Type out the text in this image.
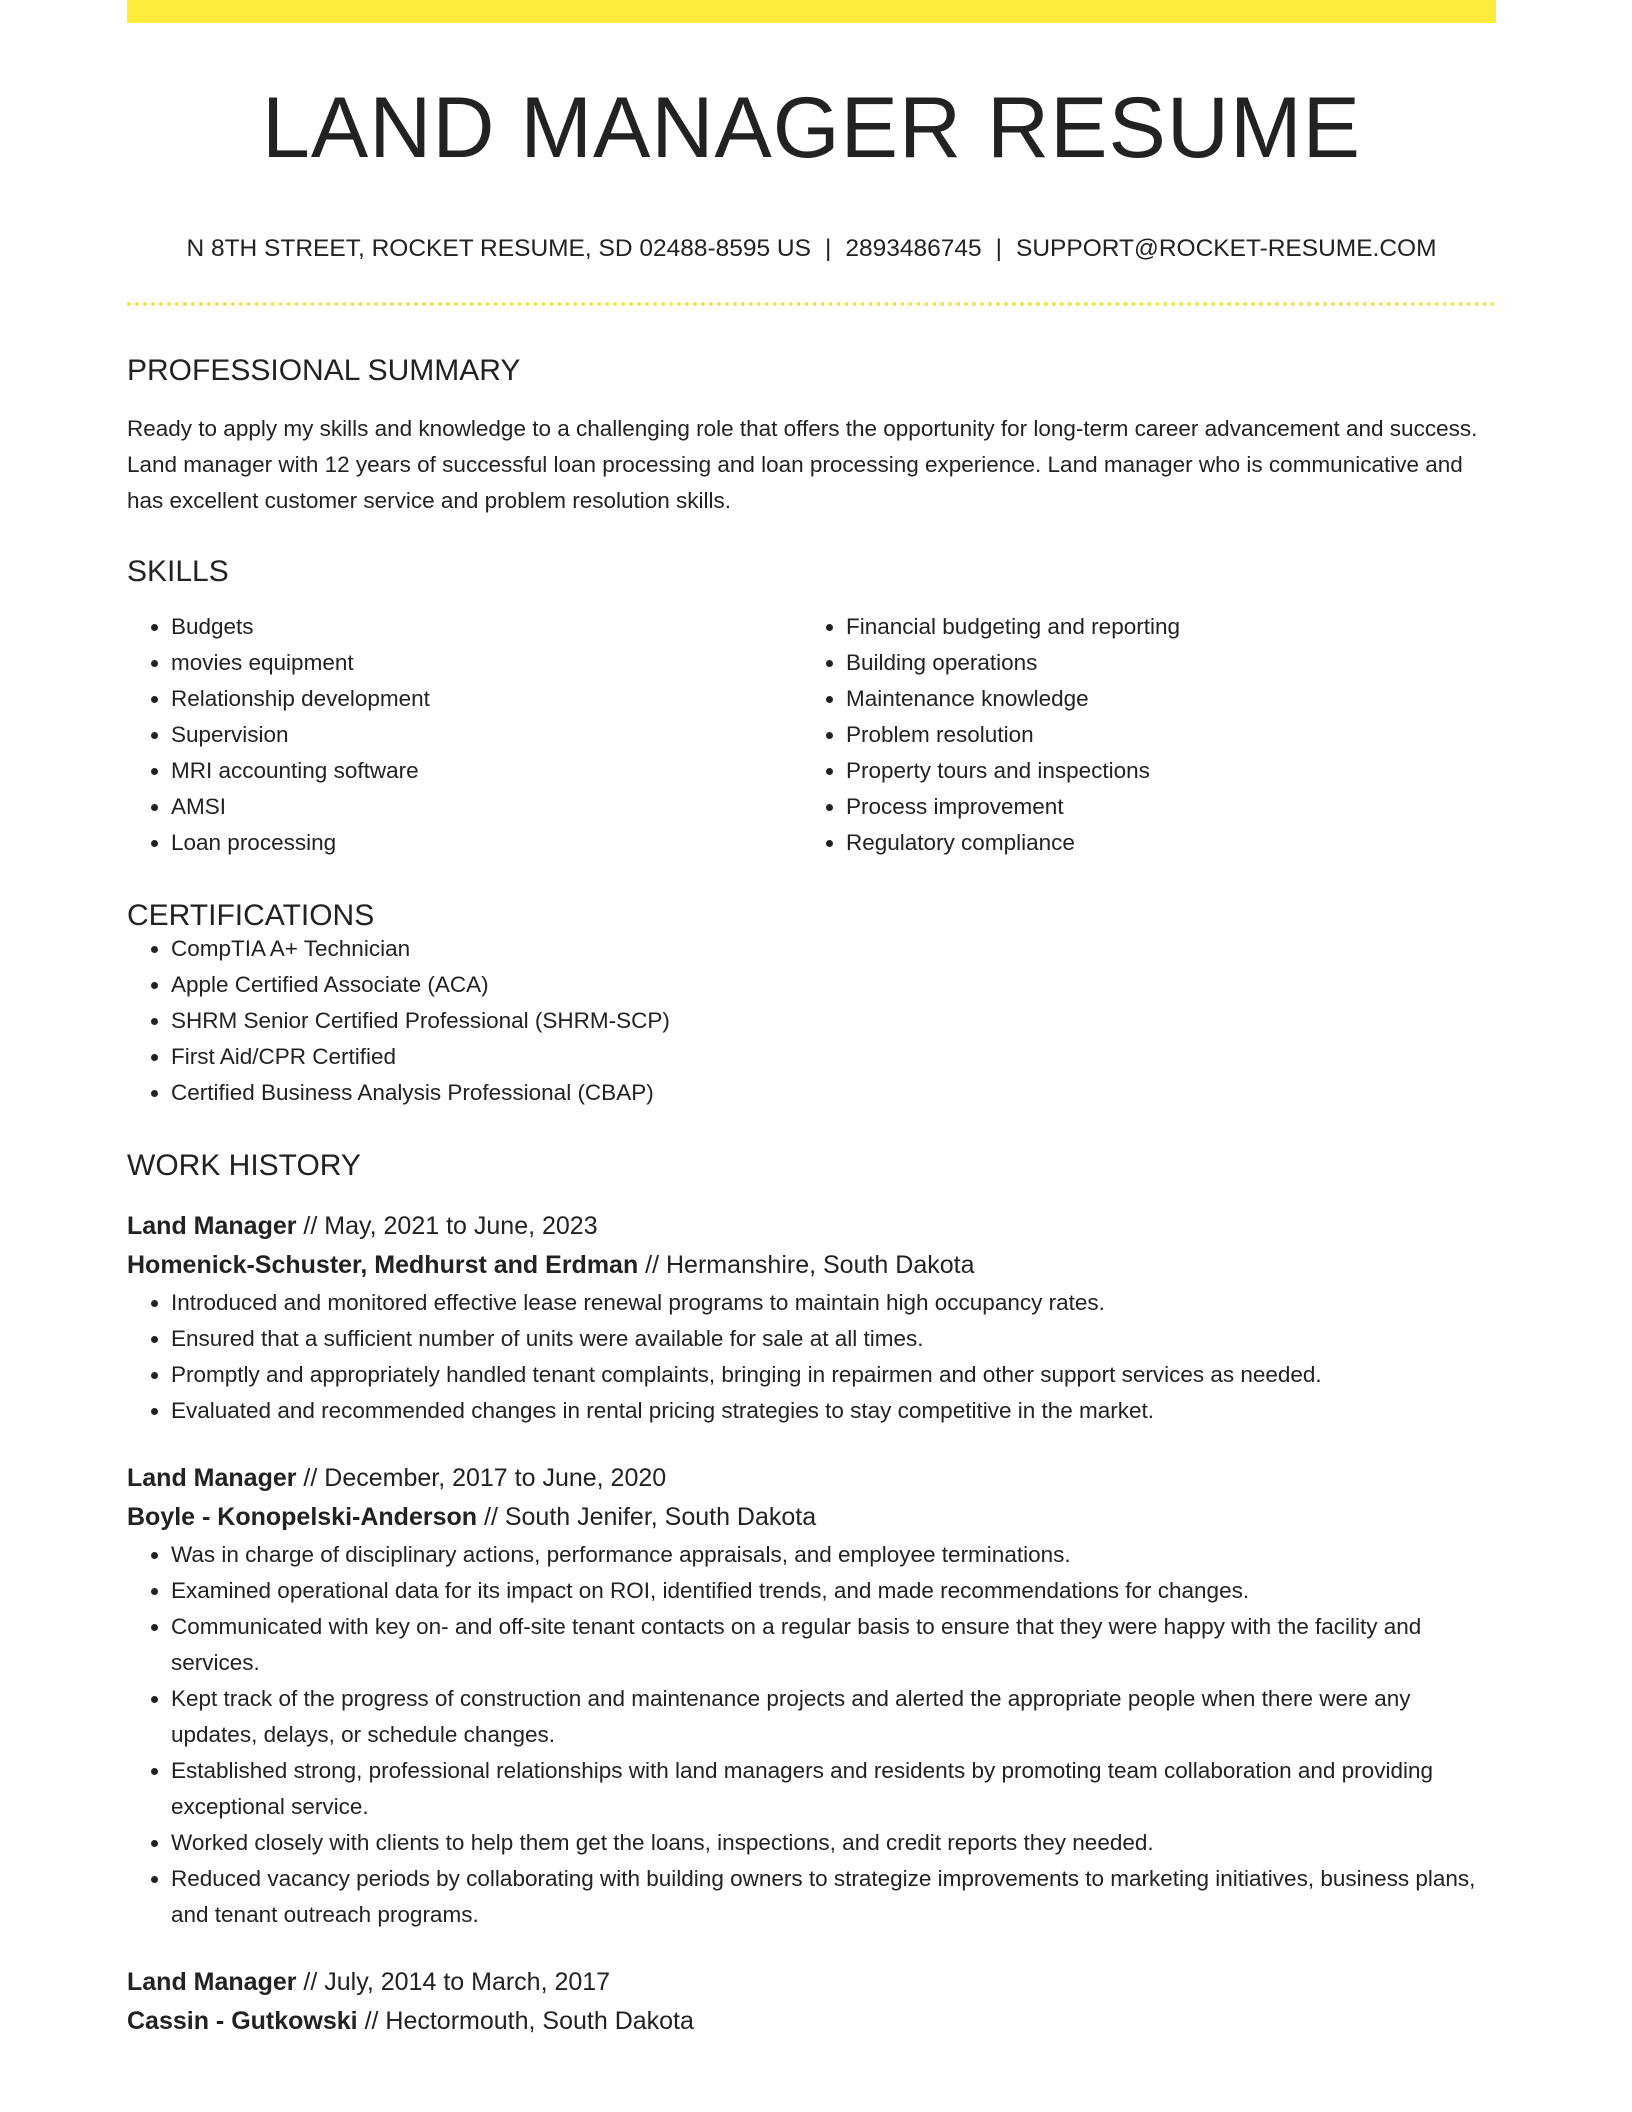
LAND MANAGER RESUME
N 8TH STREET, ROCKET RESUME, SD 02488-8595 US | 2893486745 | SUPPORT@ROCKET-RESUME.COM
PROFESSIONAL SUMMARY
Ready to apply my skills and knowledge to a challenging role that offers the opportunity for long-term career advancement and success. Land manager with 12 years of successful loan processing and loan processing experience. Land manager who is communicative and has excellent customer service and problem resolution skills.
SKILLS
• Budgets
• movies equipment
• Relationship development
• Supervision
• MRI accounting software
• AMSI
• Loan processing
• Financial budgeting and reporting
• Building operations
• Maintenance knowledge
• Problem resolution
• Property tours and inspections
• Process improvement
• Regulatory compliance
CERTIFICATIONS
• CompTIA A+ Technician
• Apple Certified Associate (ACA)
• SHRM Senior Certified Professional (SHRM-SCP)
• First Aid/CPR Certified
• Certified Business Analysis Professional (CBAP)
WORK HISTORY
Land Manager // May, 2021 to June, 2023
Homenick-Schuster, Medhurst and Erdman // Hermanshire, South Dakota
• Introduced and monitored effective lease renewal programs to maintain high occupancy rates.
• Ensured that a sufficient number of units were available for sale at all times.
• Promptly and appropriately handled tenant complaints, bringing in repairmen and other support services as needed.
• Evaluated and recommended changes in rental pricing strategies to stay competitive in the market.
Land Manager // December, 2017 to June, 2020
Boyle - Konopelski-Anderson // South Jenifer, South Dakota
• Was in charge of disciplinary actions, performance appraisals, and employee terminations.
• Examined operational data for its impact on ROI, identified trends, and made recommendations for changes.
• Communicated with key on- and off-site tenant contacts on a regular basis to ensure that they were happy with the facility and services.
• Kept track of the progress of construction and maintenance projects and alerted the appropriate people when there were any updates, delays, or schedule changes.
• Established strong, professional relationships with land managers and residents by promoting team collaboration and providing exceptional service.
• Worked closely with clients to help them get the loans, inspections, and credit reports they needed.
• Reduced vacancy periods by collaborating with building owners to strategize improvements to marketing initiatives, business plans, and tenant outreach programs.
Land Manager // July, 2014 to March, 2017
Cassin - Gutkowski // Hectormouth, South Dakota
